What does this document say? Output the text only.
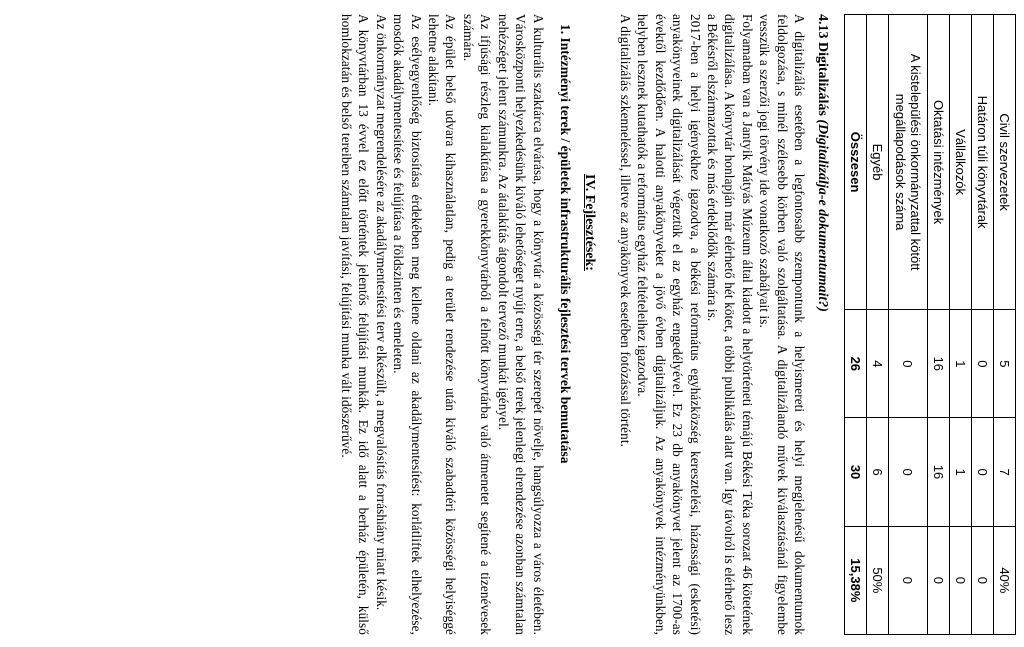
Civil szervezetek	5	7	40%
Határon túli könyvtárak	0	0	0
Vállalkozók	1	1	0
Oktatási intézmények	16	16	0
A kistelepülési önkormányzattal kötött megállapodások száma	0	0	0
Egyéb	4	6	50%
Összesen	26	30	15,38%
4.13 Digitalizálás (Digitalizálja-e dokumentumait?)

A digitalizálás esetében a legfontosabb szempontunk a helyismereti és helyi megjelenésű dokumentumok feldolgozása, s minél szélesebb körben való szolgáltatása. A digitalizálandó művek kiválasztásánál figyelembe vesszük a szerzői jogi törvény ide vonatkozó szabályait is.

Folyamatban van a Jantyik Mátyás Múzeum által kiadott a helytörténeti témájú Békési Téka sorozat 46 kötetének digitalizálása. A könyvtár honlapján már elérhető hét kötet, a többi publikálás alatt van. Így távolról is elérhető lesz a Békésről elszármazottak és más érdeklődők számára is.

2017-ben a helyi igényekhez igazodva, a békési református egyházközség keresztelési, házassági (esketési) anyakönyveinek digitalizálását végeztük el az egyház engedélyével. Ez 23 db anyakönyvet jelent az 1700-as évektől kezdődően. A halotti anyakönyveket a jövő évben digitalizáljuk. Az anyakönyvek intézményünkben, helyben lesznek kutathatók a református egyház feltételeihez igazodva.

A digitalizálás szkenneléssel, illetve az anyakönyvek esetében fotózással történt.

IV. Fejlesztések:
1. Intézményi terek / épületek infrastrukturális fejlesztési tervek bemutatása

A kulturális szaktárca elvárása, hogy a könyvtár a közösségi tér szerepét növelje, hangsúlyozza a város életében. Városközponti helyezkedésünk kiváló lehetőséget nyújt erre, a belső terek jelenlegi elrendezése azonban számtalan nehézséget jelent számunkra. Az átalakítás átgondolt tervező munkát igényel.

Az ifjúsági részleg kialakítása a gyerekkönyvtárból a felnőtt könyvtárba való átmenetet segítené a tizenévesek számára.

Az épület belső udvara kihasználatlan, pedig a terület rendezése után kiváló szabadtéri közösségi helyiséggé lehetne alakítani.

Az esélyegyenlőség biztosítása érdekében meg kellene oldani az akadálymentesítést: korlátliftek elhelyezése, mosdók akadálymentesítése és felújítása a földszinten és emeleten.

Az önkormányzat megrendelésére az akadálymentesítési terv elkészült, a megvalósítás forráshiány miatt késik.

A könyvtárban 13 évvel ez előtt történtek jelentős felújítási munkák. Ez idő alatt a berház épületén, külső homlokzatán és belső tereiben számtalan javítási, felújítási munka vált időszerűvé.
